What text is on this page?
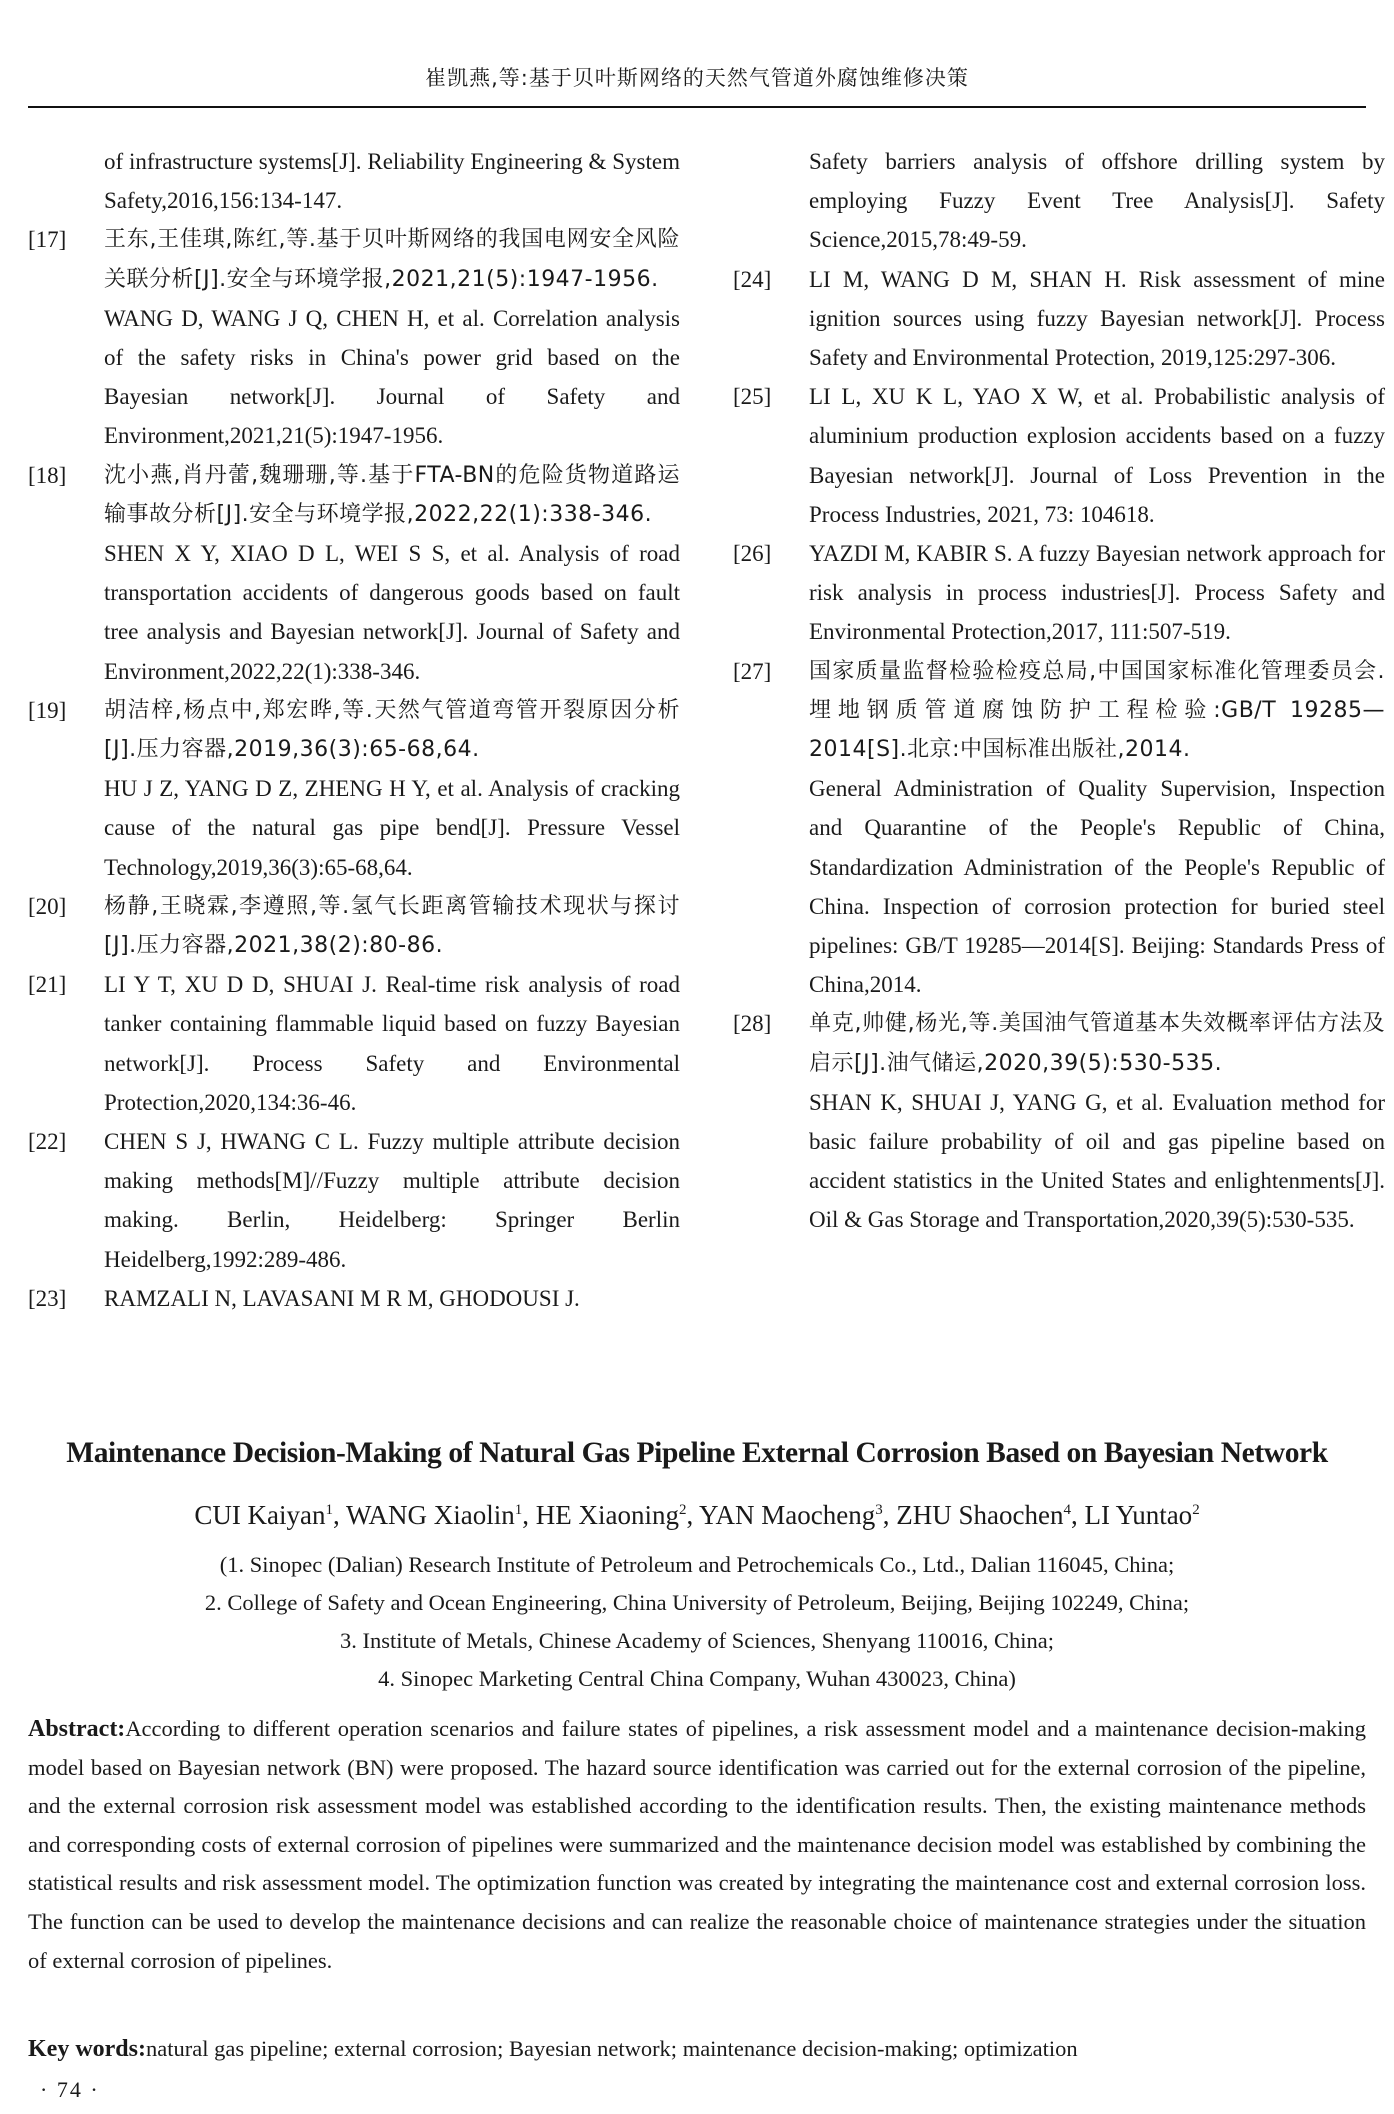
崔凯燕,等:基于贝叶斯网络的天然气管道外腐蚀维修决策
of infrastructure systems[J]. Reliability Engineering & System Safety,2016,156:134-147.
[17]	王东,王佳琪,陈红,等.基于贝叶斯网络的我国电网安全风险关联分析[J].安全与环境学报,2021,21(5):1947-1956.
WANG D, WANG J Q, CHEN H, et al. Correlation analysis of the safety risks in China's power grid based on the Bayesian network[J]. Journal of Safety and Environment,2021,21(5):1947-1956.
[18]	沈小燕,肖丹蕾,魏珊珊,等.基于FTA-BN的危险货物道路运输事故分析[J].安全与环境学报,2022,22(1):338-346.
SHEN X Y, XIAO D L, WEI S S, et al. Analysis of road transportation accidents of dangerous goods based on fault tree analysis and Bayesian network[J]. Journal of Safety and Environment,2022,22(1):338-346.
[19]	胡洁梓,杨点中,郑宏晔,等.天然气管道弯管开裂原因分析[J].压力容器,2019,36(3):65-68,64.
HU J Z, YANG D Z, ZHENG H Y, et al. Analysis of cracking cause of the natural gas pipe bend[J]. Pressure Vessel Technology,2019,36(3):65-68,64.
[20]	杨静,王晓霖,李遵照,等.氢气长距离管输技术现状与探讨[J].压力容器,2021,38(2):80-86.
[21]	LI Y T, XU D D, SHUAI J. Real-time risk analysis of road tanker containing flammable liquid based on fuzzy Bayesian network[J]. Process Safety and Environmental Protection,2020,134:36-46.
[22]	CHEN S J, HWANG C L. Fuzzy multiple attribute decision making methods[M]//Fuzzy multiple attribute decision making. Berlin, Heidelberg: Springer Berlin Heidelberg,1992:289-486.
[23]	RAMZALI N, LAVASANI M R M, GHODOUSI J.
Safety barriers analysis of offshore drilling system by employing Fuzzy Event Tree Analysis[J]. Safety Science,2015,78:49-59.
[24]	LI M, WANG D M, SHAN H. Risk assessment of mine ignition sources using fuzzy Bayesian network[J]. Process Safety and Environmental Protection, 2019,125:297-306.
[25]	LI L, XU K L, YAO X W, et al. Probabilistic analysis of aluminium production explosion accidents based on a fuzzy Bayesian network[J]. Journal of Loss Prevention in the Process Industries, 2021, 73: 104618.
[26]	YAZDI M, KABIR S. A fuzzy Bayesian network approach for risk analysis in process industries[J]. Process Safety and Environmental Protection,2017, 111:507-519.
[27]	国家质量监督检验检疫总局,中国国家标准化管理委员会.埋地钢质管道腐蚀防护工程检验:GB/T 19285—2014[S].北京:中国标准出版社,2014.
General Administration of Quality Supervision, Inspection and Quarantine of the People's Republic of China, Standardization Administration of the People's Republic of China. Inspection of corrosion protection for buried steel pipelines: GB/T 19285—2014[S]. Beijing: Standards Press of China,2014.
[28]	单克,帅健,杨光,等.美国油气管道基本失效概率评估方法及启示[J].油气储运,2020,39(5):530-535.
SHAN K, SHUAI J, YANG G, et al. Evaluation method for basic failure probability of oil and gas pipeline based on accident statistics in the United States and enlightenments[J]. Oil & Gas Storage and Transportation,2020,39(5):530-535.
Maintenance Decision-Making of Natural Gas Pipeline External Corrosion Based on Bayesian Network
CUI Kaiyan$^1$, WANG Xiaolin$^1$, HE Xiaoning$^2$, YAN Maocheng$^3$, ZHU Shaochen$^4$, LI Yuntao$^2$
(1. Sinopec (Dalian) Research Institute of Petroleum and Petrochemicals Co., Ltd., Dalian 116045, China;
2. College of Safety and Ocean Engineering, China University of Petroleum, Beijing, Beijing 102249, China;
3. Institute of Metals, Chinese Academy of Sciences, Shenyang 110016, China;
4. Sinopec Marketing Central China Company, Wuhan 430023, China)
Abstract:According to different operation scenarios and failure states of pipelines, a risk assessment model and a maintenance decision-making model based on Bayesian network (BN) were proposed. The hazard source identification was carried out for the external corrosion of the pipeline, and the external corrosion risk assessment model was established according to the identification results. Then, the existing maintenance methods and corresponding costs of external corrosion of pipelines were summarized and the maintenance decision model was established by combining the statistical results and risk assessment model. The optimization function was created by integrating the maintenance cost and external corrosion loss. The function can be used to develop the maintenance decisions and can realize the reasonable choice of maintenance strategies under the situation of external corrosion of pipelines.
Key words:natural gas pipeline; external corrosion; Bayesian network; maintenance decision-making; optimization
· 74 ·
